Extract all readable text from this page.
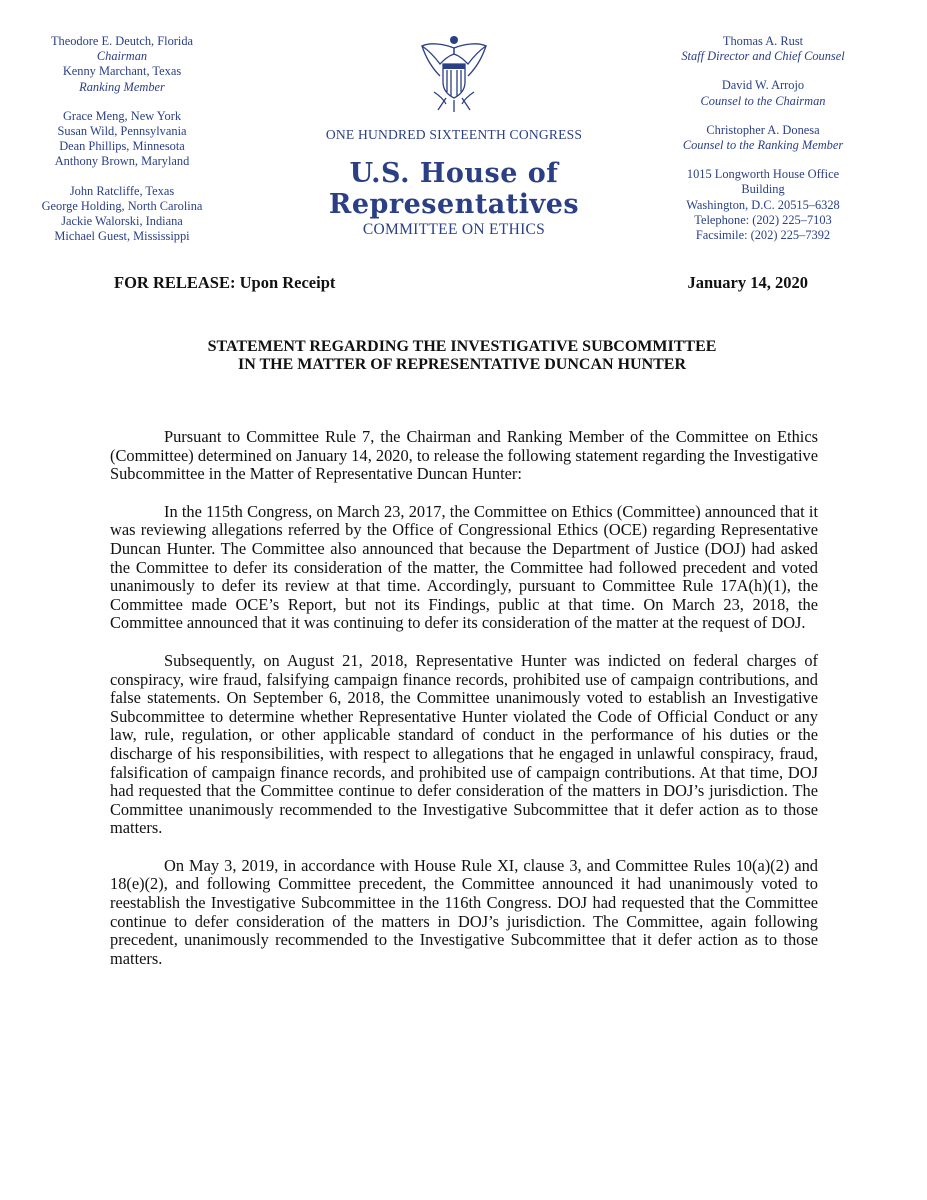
Theodore E. Deutch, Florida
Chairman
Kenny Marchant, Texas
Ranking Member
Grace Meng, New York
Susan Wild, Pennsylvania
Dean Phillips, Minnesota
Anthony Brown, Maryland
John Ratcliffe, Texas
George Holding, North Carolina
Jackie Walorski, Indiana
Michael Guest, Mississippi
ONE HUNDRED SIXTEENTH CONGRESS
U.S. House of Representatives
COMMITTEE ON ETHICS
Thomas A. Rust
Staff Director and Chief Counsel
David W. Arrojo
Counsel to the Chairman
Christopher A. Donesa
Counsel to the Ranking Member
1015 Longworth House Office Building
Washington, D.C. 20515–6328
Telephone: (202) 225–7103
Facsimile: (202) 225–7392
FOR RELEASE: Upon Receipt	January 14, 2020
STATEMENT REGARDING THE INVESTIGATIVE SUBCOMMITTEE
IN THE MATTER OF REPRESENTATIVE DUNCAN HUNTER

Pursuant to Committee Rule 7, the Chairman and Ranking Member of the Committee on Ethics (Committee) determined on January 14, 2020, to release the following statement regarding the Investigative Subcommittee in the Matter of Representative Duncan Hunter:

In the 115th Congress, on March 23, 2017, the Committee on Ethics (Committee) announced that it was reviewing allegations referred by the Office of Congressional Ethics (OCE) regarding Representative Duncan Hunter. The Committee also announced that because the Department of Justice (DOJ) had asked the Committee to defer its consideration of the matter, the Committee had followed precedent and voted unanimously to defer its review at that time. Accordingly, pursuant to Committee Rule 17A(h)(1), the Committee made OCE’s Report, but not its Findings, public at that time. On March 23, 2018, the Committee announced that it was continuing to defer its consideration of the matter at the request of DOJ.

Subsequently, on August 21, 2018, Representative Hunter was indicted on federal charges of conspiracy, wire fraud, falsifying campaign finance records, prohibited use of campaign contributions, and false statements. On September 6, 2018, the Committee unanimously voted to establish an Investigative Subcommittee to determine whether Representative Hunter violated the Code of Official Conduct or any law, rule, regulation, or other applicable standard of conduct in the performance of his duties or the discharge of his responsibilities, with respect to allegations that he engaged in unlawful conspiracy, fraud, falsification of campaign finance records, and prohibited use of campaign contributions. At that time, DOJ had requested that the Committee continue to defer consideration of the matters in DOJ’s jurisdiction. The Committee unanimously recommended to the Investigative Subcommittee that it defer action as to those matters.

On May 3, 2019, in accordance with House Rule XI, clause 3, and Committee Rules 10(a)(2) and 18(e)(2), and following Committee precedent, the Committee announced it had unanimously voted to reestablish the Investigative Subcommittee in the 116th Congress. DOJ had requested that the Committee continue to defer consideration of the matters in DOJ’s jurisdiction. The Committee, again following precedent, unanimously recommended to the Investigative Subcommittee that it defer action as to those matters.
